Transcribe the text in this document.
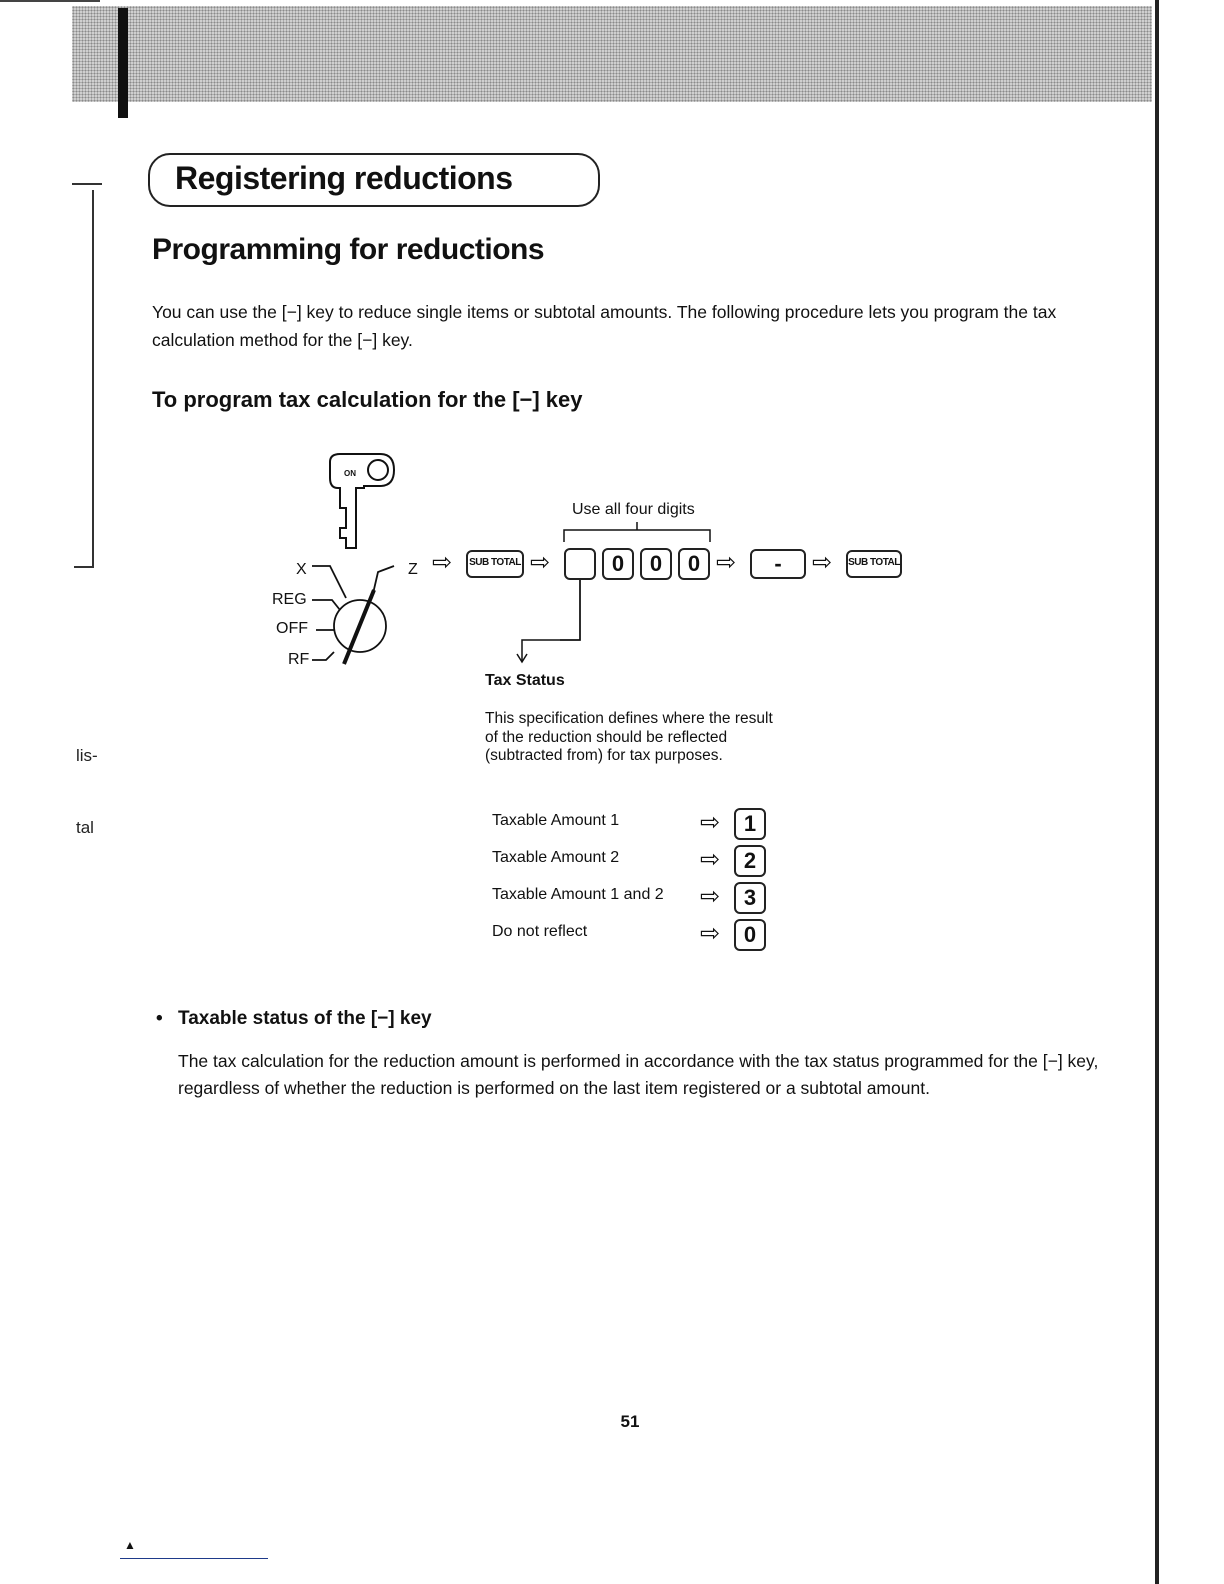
lis-
tal
Registering reductions
Programming for reductions
You can use the [−] key to reduce single items or subtotal amounts. The following procedure lets you program the tax calculation method for the [−] key.
To program tax calculation for the [−] key
X	Z
REG
OFF
RF
ON
Use all four digits
⇨	SUB TOTAL ⇨	0	0	0 ⇨	-	⇨ SUB TOTAL
Tax Status
This specification defines where the result of the reduction should be reflected (subtracted from) for tax purposes.
Taxable Amount 1	⇨	1
Taxable Amount 2	⇨	2
Taxable Amount 1 and 2 ⇨	3
Do not reflect	⇨	0
• Taxable status of the [−] key
The tax calculation for the reduction amount is performed in accordance with the tax status programmed for the [−] key, regardless of whether the reduction is performed on the last item registered or a subtotal amount.
51
▲
